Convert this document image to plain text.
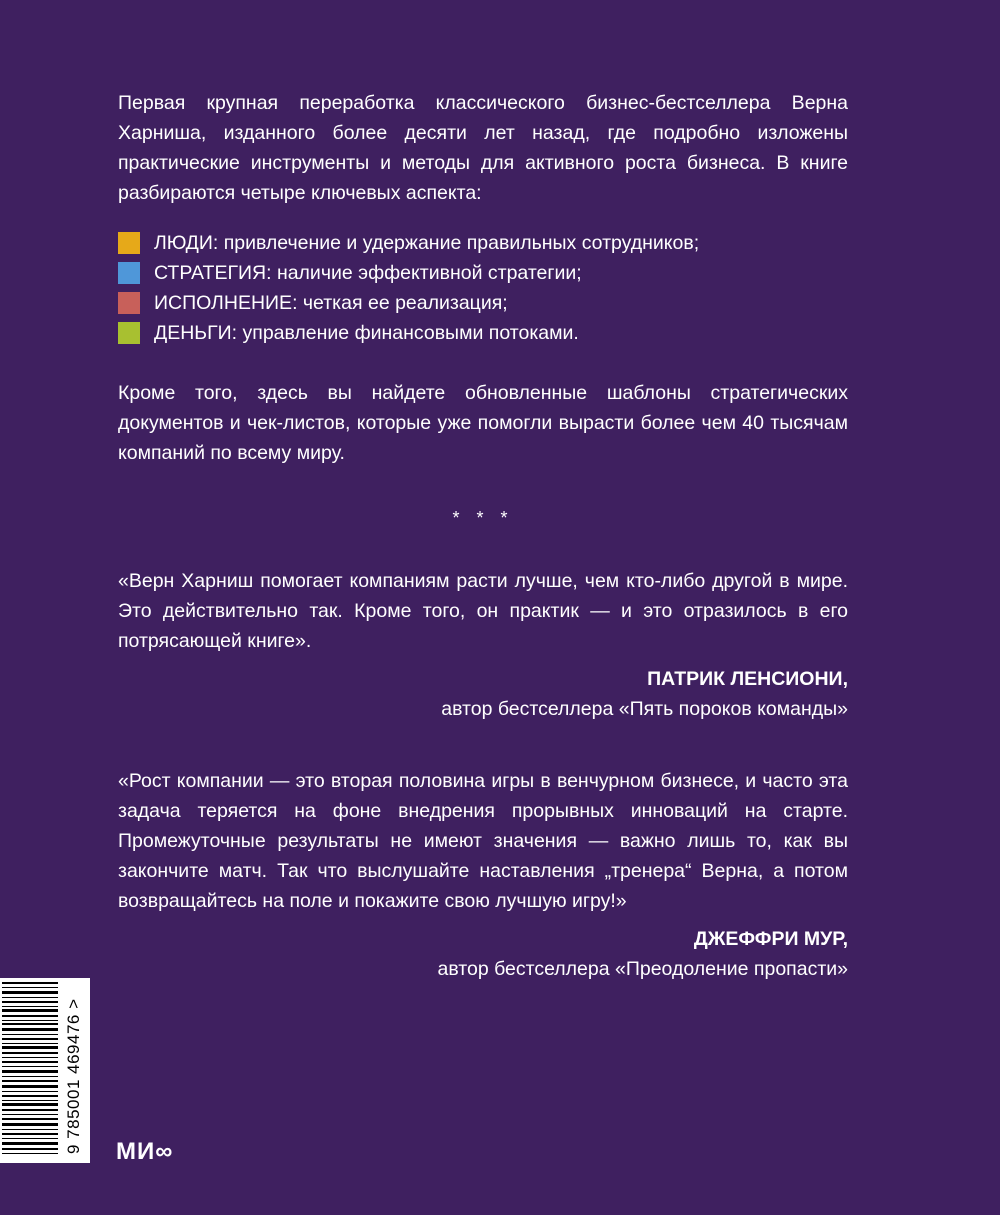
Первая крупная переработка классического бизнес-бестселлера Верна Харниша, изданного более десяти лет назад, где подробно изложены практические инструменты и методы для активного роста бизнеса. В книге разбираются четыре ключевых аспекта:

ЛЮДИ : привлечение и удержание правильных сотрудников;
СТРАТЕГИЯ : наличие эффективной стратегии;
ИСПОЛНЕНИЕ : четкая ее реализация;
ДЕНЬГИ : управление финансовыми потоками.

Кроме того, здесь вы найдете обновленные шаблоны стратегических документов и чек-листов, которые уже помогли вырасти более чем 40 тысячам компаний по всему миру.

* * *

«Верн Харниш помогает компаниям расти лучше, чем кто-либо другой в мире. Это действительно так. Кроме того, он практик — и это отразилось в его потрясающей книге».

ПАТРИК ЛЕНСИОНИ,
автор бестселлера «Пять пороков команды»

«Рост компании — это вторая половина игры в венчурном бизнесе, и часто эта задача теряется на фоне внедрения прорывных инноваций на старте. Промежуточные результаты не имеют значения — важно лишь то, как вы закончите матч. Так что выслушайте наставления „тренера“ Верна, а потом возвращайтесь на поле и покажите свою лучшую игру!»

ДЖЕФФРИ МУР,
автор бестселлера «Преодоление пропасти»
9 785001 469476 > МИ∞
